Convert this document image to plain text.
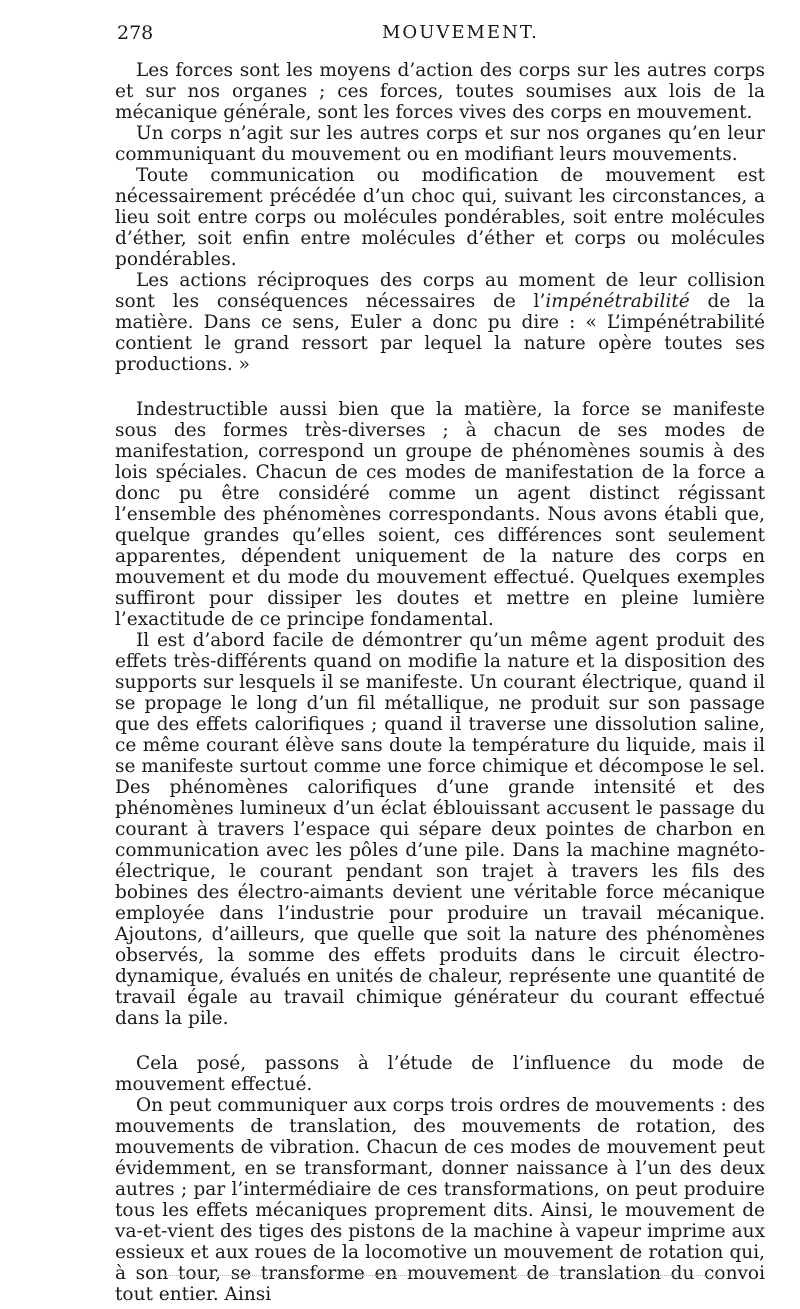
278	MOUVEMENT.

Les forces sont les moyens d’action des corps sur les autres corps et sur nos organes ; ces forces, toutes soumises aux lois de la mécanique générale, sont les forces vives des corps en mouvement.

Un corps n’agit sur les autres corps et sur nos organes qu’en leur communiquant du mouvement ou en modifiant leurs mouvements.

Toute communication ou modification de mouvement est nécessairement précédée d’un choc qui, suivant les circonstances, a lieu soit entre corps ou molécules pondérables, soit entre molécules d’éther, soit enfin entre molécules d’éther et corps ou molécules pondérables.

Les actions réciproques des corps au moment de leur collision sont les conséquences nécessaires de l’impénétrabilité de la matière. Dans ce sens, Euler a donc pu dire : « L’impénétrabilité contient le grand ressort par lequel la nature opère toutes ses productions. »

Indestructible aussi bien que la matière, la force se manifeste sous des formes très-diverses ; à chacun de ses modes de manifestation, correspond un groupe de phénomènes soumis à des lois spéciales. Chacun de ces modes de manifestation de la force a donc pu être considéré comme un agent distinct régissant l’ensemble des phénomènes correspondants. Nous avons établi que, quelque grandes qu’elles soient, ces différences sont seulement apparentes, dépendent uniquement de la nature des corps en mouvement et du mode du mouvement effectué. Quelques exemples suffiront pour dissiper les doutes et mettre en pleine lumière l’exactitude de ce principe fondamental.

Il est d’abord facile de démontrer qu’un même agent produit des effets très-différents quand on modifie la nature et la disposition des supports sur lesquels il se manifeste. Un courant électrique, quand il se propage le long d’un fil métallique, ne produit sur son passage que des effets calorifiques ; quand il traverse une dissolution saline, ce même courant élève sans doute la température du liquide, mais il se manifeste surtout comme une force chimique et décompose le sel. Des phénomènes calorifiques d’une grande intensité et des phénomènes lumineux d’un éclat éblouissant accusent le passage du courant à travers l’espace qui sépare deux pointes de charbon en communication avec les pôles d’une pile. Dans la machine magnéto-électrique, le courant pendant son trajet à travers les fils des bobines des électro-aimants devient une véritable force mécanique employée dans l’industrie pour produire un travail mécanique. Ajoutons, d’ailleurs, que quelle que soit la nature des phénomènes observés, la somme des effets produits dans le circuit électro-dynamique, évalués en unités de chaleur, représente une quantité de travail égale au travail chimique générateur du courant effectué dans la pile.

Cela posé, passons à l’étude de l’influence du mode de mouvement effectué.

On peut communiquer aux corps trois ordres de mouvements : des mouvements de translation, des mouvements de rotation, des mouvements de vibration. Chacun de ces modes de mouvement peut évidemment, en se transformant, donner naissance à l’un des deux autres ; par l’intermédiaire de ces transformations, on peut produire tous les effets mécaniques proprement dits. Ainsi, le mouvement de va-et-vient des tiges des pistons de la machine à vapeur imprime aux essieux et aux roues de la locomotive un mouvement de rotation qui, à son tour, se transforme en mouvement de translation du convoi tout entier. Ainsi
